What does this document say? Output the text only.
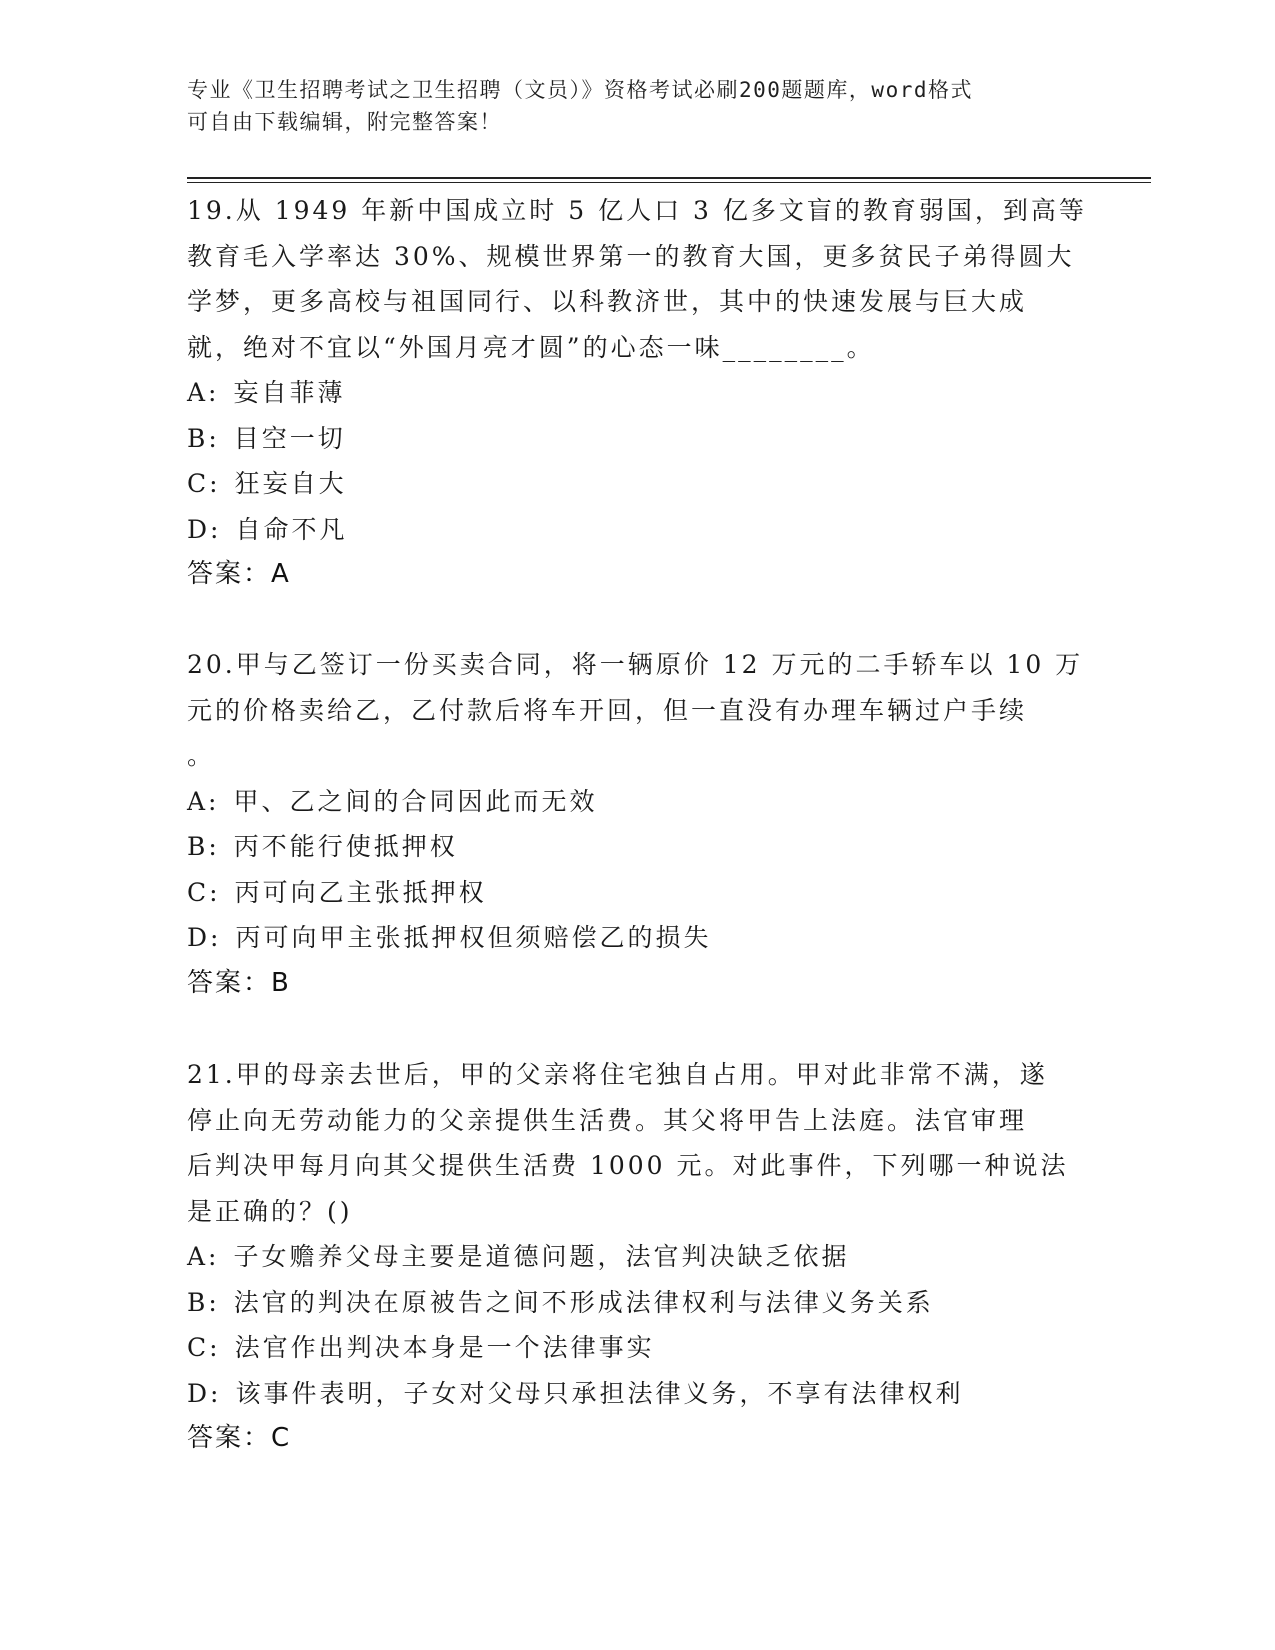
专业《卫生招聘考试之卫生招聘（文员）》资格考试必刷200题题库，word格式

可自由下载编辑，附完整答案！

19.从 1949 年新中国成立时 5 亿人口 3 亿多文盲的教育弱国，到高等

教育毛入学率达 30%、规模世界第一的教育大国，更多贫民子弟得圆大

学梦，更多高校与祖国同行、以科教济世，其中的快速发展与巨大成

就，绝对不宜以“外国月亮才圆”的心态一味________。

A: 妄自菲薄

B: 目空一切

C: 狂妄自大

D: 自命不凡

答案：A

20.甲与乙签订一份买卖合同，将一辆原价 12 万元的二手轿车以 10 万

元的价格卖给乙，乙付款后将车开回，但一直没有办理车辆过户手续

。

A: 甲、乙之间的合同因此而无效

B: 丙不能行使抵押权

C: 丙可向乙主张抵押权

D: 丙可向甲主张抵押权但须赔偿乙的损失

答案：B

21.甲的母亲去世后，甲的父亲将住宅独自占用。甲对此非常不满，遂

停止向无劳动能力的父亲提供生活费。其父将甲告上法庭。法官审理

后判决甲每月向其父提供生活费 1000 元。对此事件，下列哪一种说法

是正确的？()

A: 子女赡养父母主要是道德问题，法官判决缺乏依据

B: 法官的判决在原被告之间不形成法律权利与法律义务关系

C: 法官作出判决本身是一个法律事实

D: 该事件表明，子女对父母只承担法律义务，不享有法律权利

答案：C
